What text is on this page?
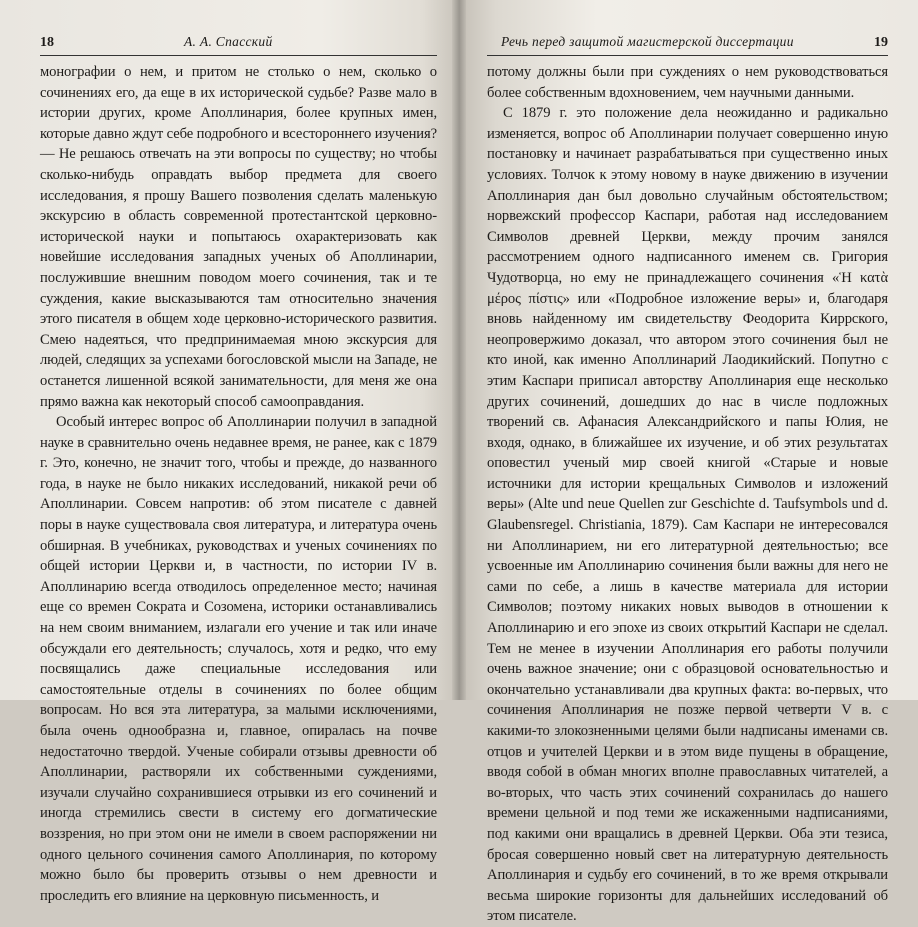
18	А. А. Спасский

монографии о нем, и притом не столько о нем, сколько о сочинениях его, да еще в их исторической судьбе? Разве мало в истории других, кроме Аполлинария, более крупных имен, которые давно ждут себе подробного и всестороннего изучения? — Не решаюсь отвечать на эти вопросы по существу; но чтобы сколько-нибудь оправдать выбор предмета для своего исследования, я прошу Вашего позволения сделать маленькую экскурсию в область современной протестантской церковно-исторической науки и попытаюсь охарактеризовать как новейшие исследования западных ученых об Аполлинарии, послужившие внешним поводом моего сочинения, так и те суждения, какие высказываются там относительно значения этого писателя в общем ходе церковно-исторического развития. Смею надеяться, что предпринимаемая мною экскурсия для людей, следящих за успехами богословской мысли на Западе, не останется лишенной всякой занимательности, для меня же она прямо важна как некоторый способ самооправдания.

Особый интерес вопрос об Аполлинарии получил в западной науке в сравнительно очень недавнее время, не ранее, как с 1879 г. Это, конечно, не значит того, чтобы и прежде, до названного года, в науке не было никаких исследований, никакой речи об Аполлинарии. Совсем напротив: об этом писателе с давней поры в науке существовала своя литература, и литература очень обширная. В учебниках, руководствах и ученых сочинениях по общей истории Церкви и, в частности, по истории IV в. Аполлинарию всегда отводилось определенное место; начиная еще со времен Сократа и Созомена, историки останавливались на нем своим вниманием, излагали его учение и так или иначе обсуждали его деятельность; случалось, хотя и редко, что ему посвящались даже специальные исследования или самостоятельные отделы в сочинениях по более общим вопросам. Но вся эта литература, за малыми исключениями, была очень однообразна и, главное, опиралась на почве недостаточно твердой. Ученые собирали отзывы древности об Аполлинарии, растворяли их собственными суждениями, изучали случайно сохранившиеся отрывки из его сочинений и иногда стремились свести в систему его догматические воззрения, но при этом они не имели в своем распоряжении ни одного цельного сочинения самого Аполлинария, по которому можно было бы проверить отзывы о нем древности и проследить его влияние на церковную письменность, и

Речь перед защитой магистерской диссертации	19

потому должны были при суждениях о нем руководствоваться более собственным вдохновением, чем научными данными.

С 1879 г. это положение дела неожиданно и радикально изменяется, вопрос об Аполлинарии получает совершенно иную постановку и начинает разрабатываться при существенно иных условиях. Толчок к этому новому в науке движению в изучении Аполлинария дан был довольно случайным обстоятельством; норвежский профессор Каспари, работая над исследованием Символов древней Церкви, между прочим занялся рассмотрением одного надписанного именем св. Григория Чудотворца, но ему не принадлежащего сочинения «Ἡ κατὰ μέρος πίστις» или «Подробное изложение веры» и, благодаря вновь найденному им свидетельству Феодорита Киррского, неопровержимо доказал, что автором этого сочинения был не кто иной, как именно Аполлинарий Лаодикийский. Попутно с этим Каспари приписал авторству Аполлинария еще несколько других сочинений, дошедших до нас в числе подложных творений св. Афанасия Александрийского и папы Юлия, не входя, однако, в ближайшее их изучение, и об этих результатах оповестил ученый мир своей книгой «Старые и новые источники для истории крещальных Символов и изложений веры» (Alte und neue Quellen zur Geschichte d. Taufsymbols und d. Glaubensregel. Christiania, 1879). Сам Каспари не интересовался ни Аполлинарием, ни его литературной деятельностью; все усвоенные им Аполлинарию сочинения были важны для него не сами по себе, а лишь в качестве материала для истории Символов; поэтому никаких новых выводов в отношении к Аполлинарию и его эпохе из своих открытий Каспари не сделал. Тем не менее в изучении Аполлинария его работы получили очень важное значение; они с образцовой основательностью и окончательно устанавливали два крупных факта: во-первых, что сочинения Аполлинария не позже первой четверти V в. с какими-то злокозненными целями были надписаны именами св. отцов и учителей Церкви и в этом виде пущены в обращение, вводя собой в обман многих вполне православных читателей, а во-вторых, что часть этих сочинений сохранилась до нашего времени цельной и под теми же искаженными надписаниями, под какими они вращались в древней Церкви. Оба эти тезиса, бросая совершенно новый свет на литературную деятельность Аполлинария и судьбу его сочинений, в то же время открывали весьма широкие горизонты для дальнейших исследований об этом писателе.
